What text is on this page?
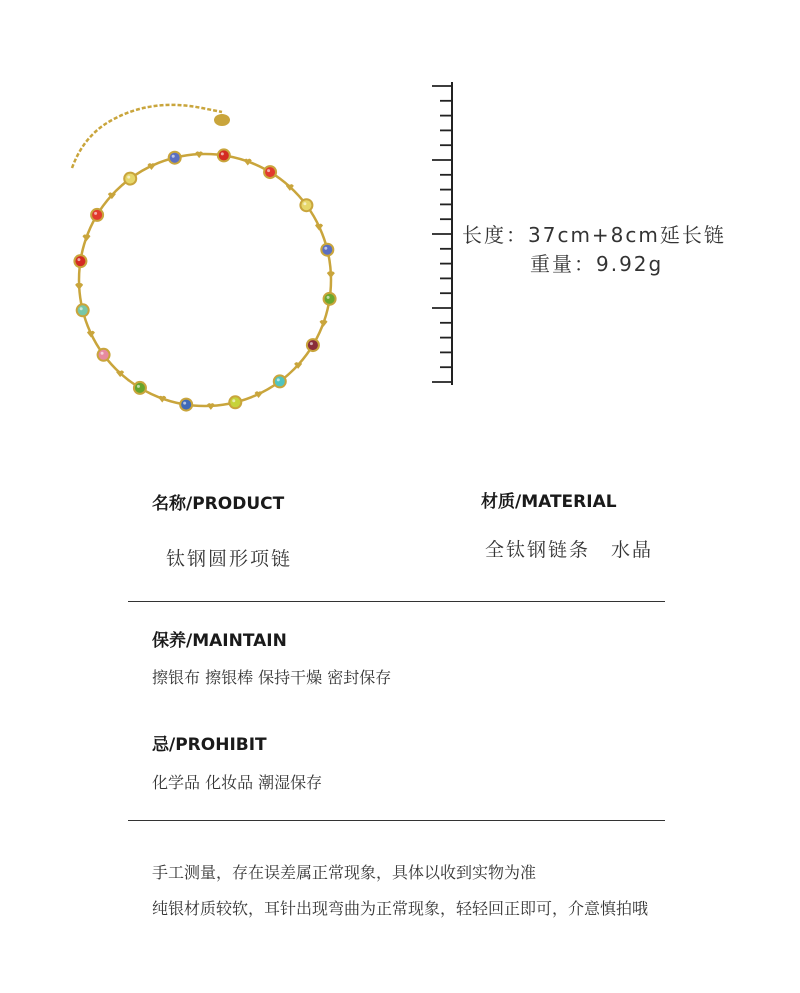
长度：37cm+8cm延长链
重量：9.92g
名称/PRODUCT
钛钢圆形项链
材质/MATERIAL
全钛钢链条　水晶
保养/MAINTAIN
擦银布 擦银棒 保持干燥 密封保存
忌/PROHIBIT
化学品 化妆品 潮湿保存
手工测量，存在误差属正常现象，具体以收到实物为准
纯银材质较软，耳针出现弯曲为正常现象，轻轻回正即可，介意慎拍哦
